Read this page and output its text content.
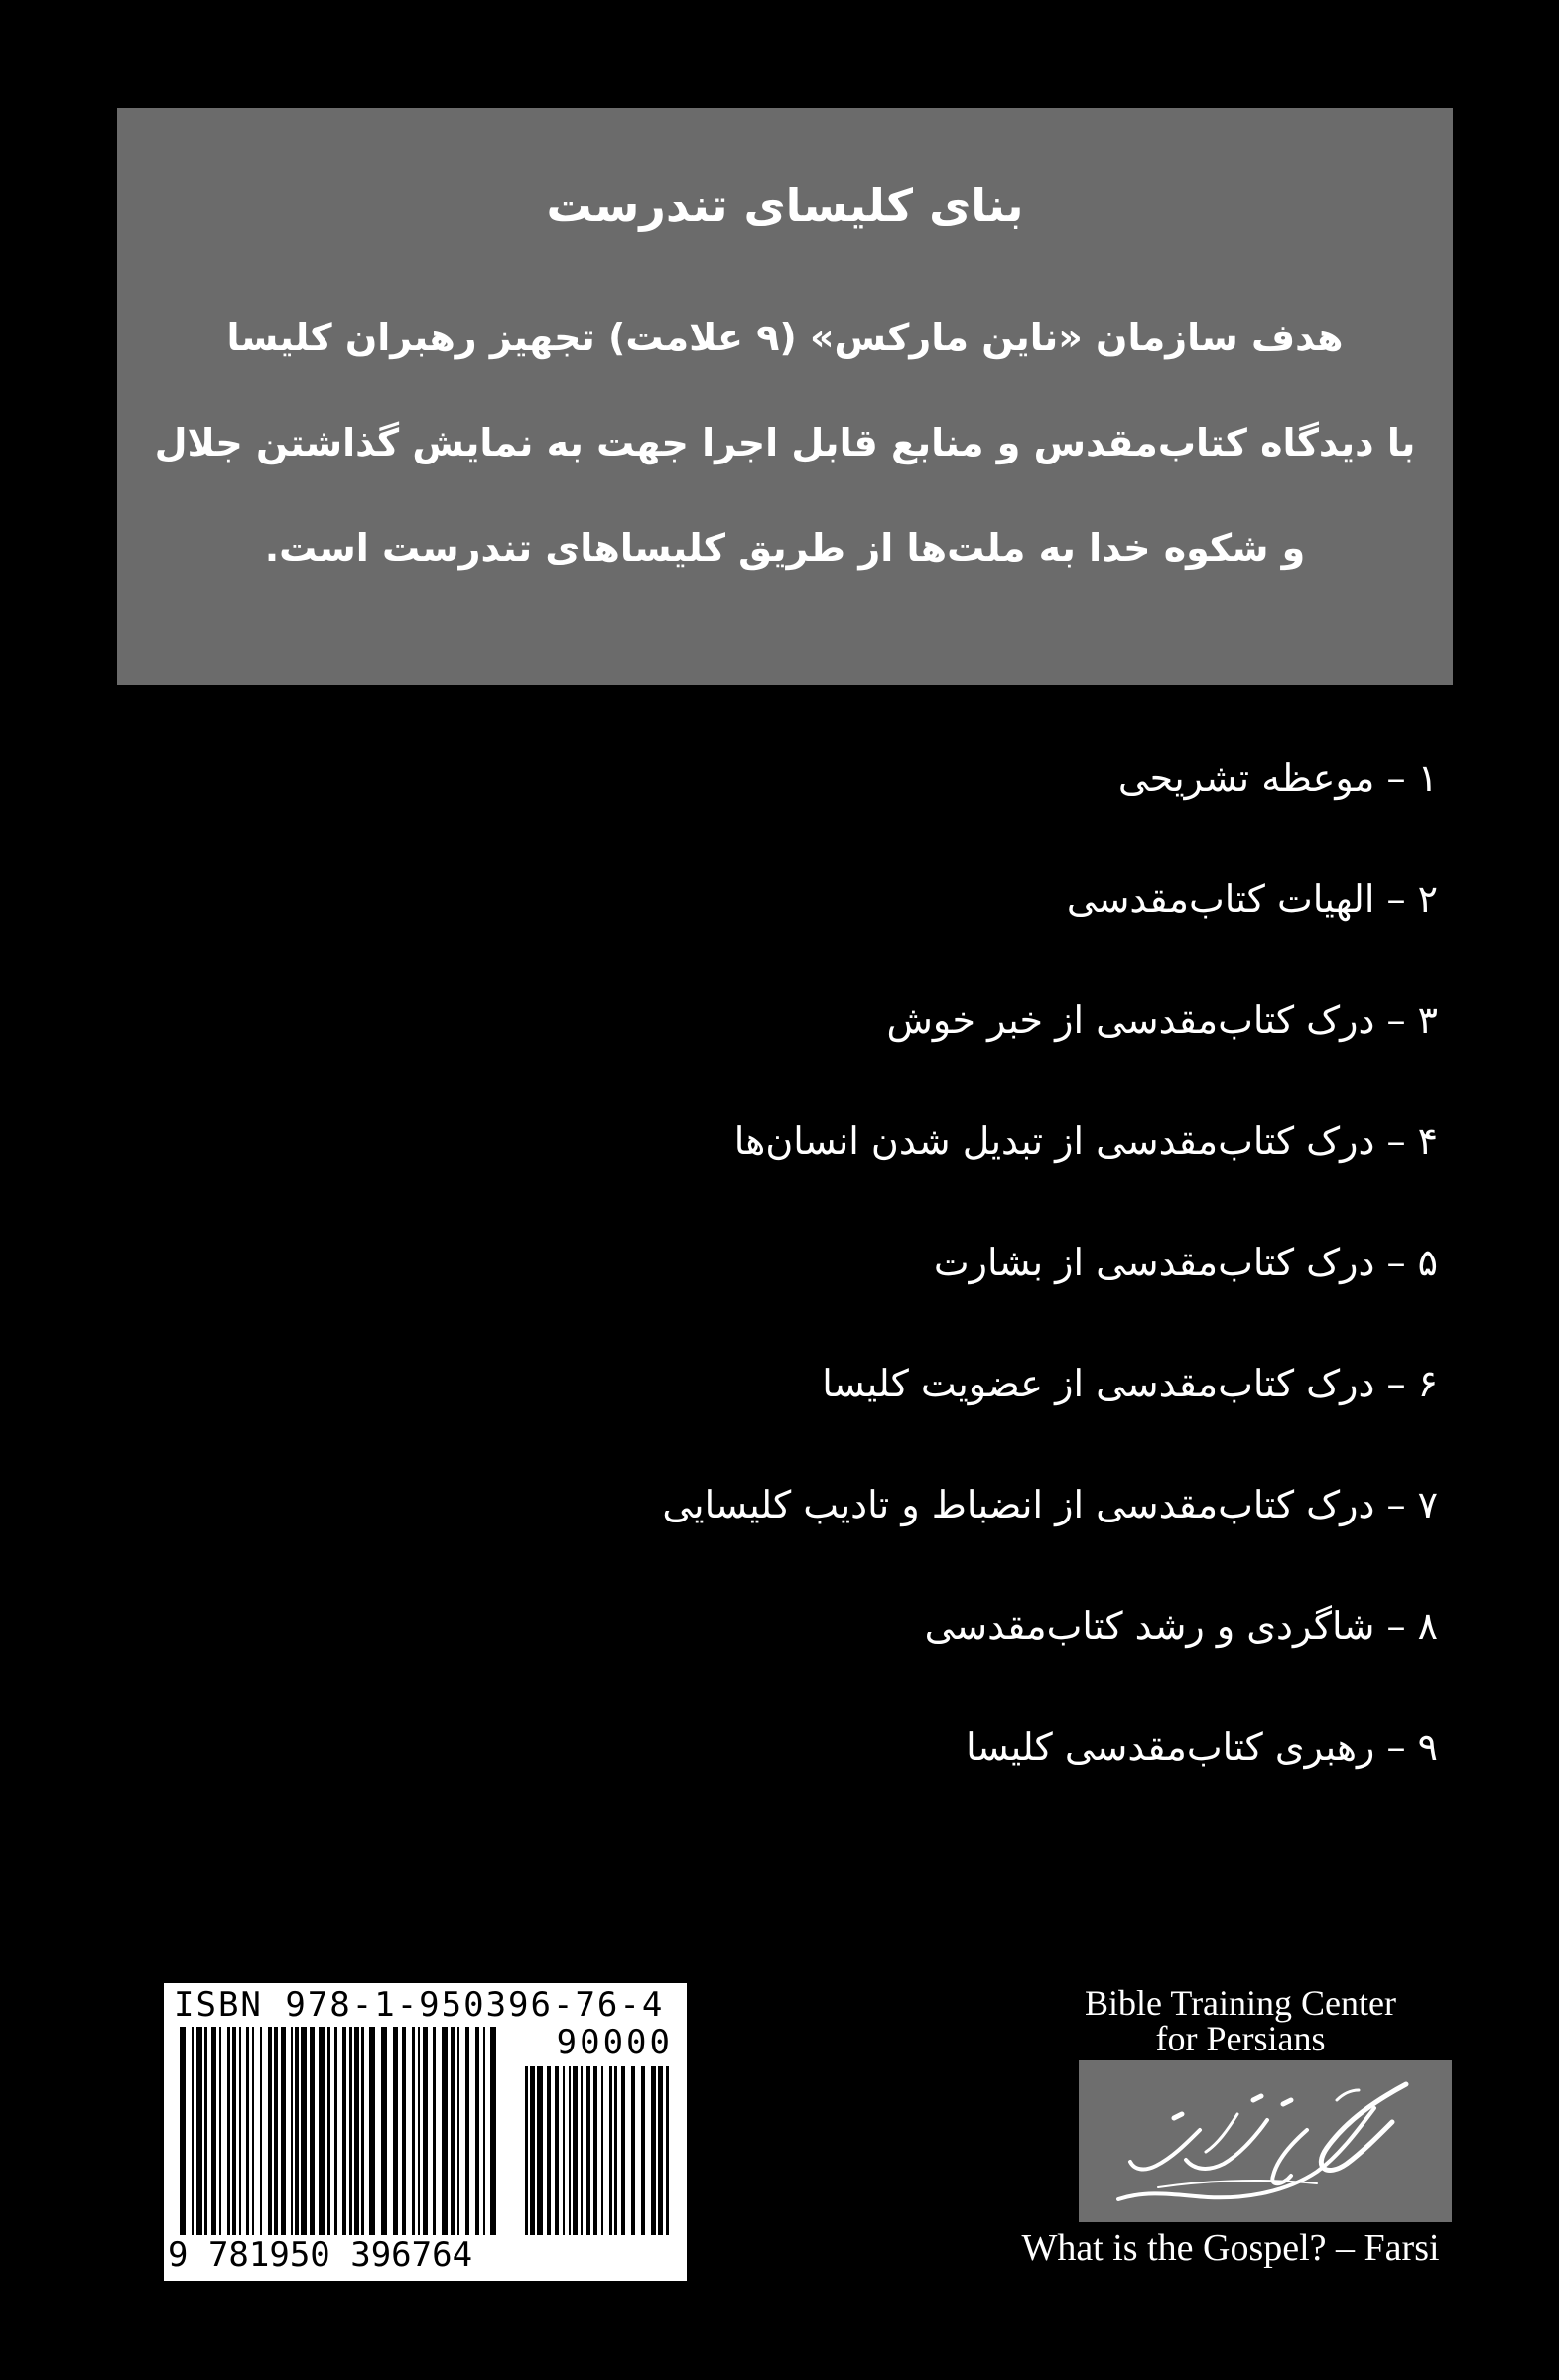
بنای کلیسای تندرست
هدف سازمان «ناین مارکس» (۹ علامت) تجهیز رهبران کلیسا
با دیدگاه کتاب‌مقدس و منابع قابل اجرا جهت به نمایش گذاشتن جلال
و شکوه خدا به ملت‌ها از طریق کلیساهای تندرست است.
۱ – موعظه تشریحی
۲ – الهیات کتاب‌مقدسی
۳ – درک کتاب‌مقدسی از خبر خوش
۴ – درک کتاب‌مقدسی از تبدیل شدن انسان‌ها
۵ – درک کتاب‌مقدسی از بشارت
۶ – درک کتاب‌مقدسی از عضویت کلیسا
۷ – درک کتاب‌مقدسی از انضباط و تادیب کلیسایی
۸ – شاگردی و رشد کتاب‌مقدسی
۹ – رهبری کتاب‌مقدسی کلیسا
ISBN 978-1-950396-76-4
90000
9 781950 396764
Bible Training Center
for Persians
What is the Gospel? – Farsi
